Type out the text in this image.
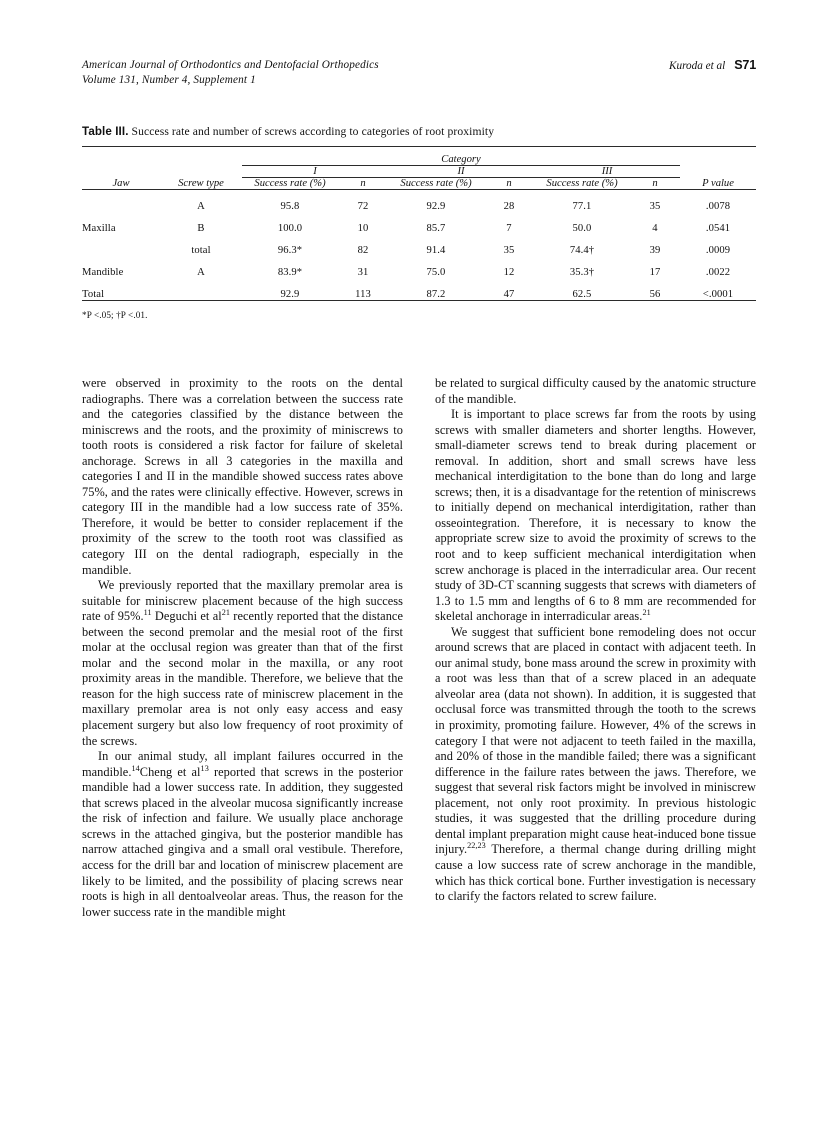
American Journal of Orthodontics and Dentofacial Orthopedics
Volume 131, Number 4, Supplement 1
Kuroda et al S71
Table III. Success rate and number of screws according to categories of root proximity

		Category						
		I		II		III		
Jaw	Screw type	Success rate (%)	n	Success rate (%)	n	Success rate (%)	n	P value
	A	95.8	72	92.9	28	77.1	35	.0078
Maxilla	B	100.0	10	85.7	7	50.0	4	.0541
	total	96.3*	82	91.4	35	74.4†	39	.0009
Mandible	A	83.9*	31	75.0	12	35.3†	17	.0022
Total		92.9	113	87.2	47	62.5	56	<.0001

*P <.05; †P <.01.

were observed in proximity to the roots on the dental radiographs. There was a correlation between the success rate and the categories classified by the distance between the miniscrews and the roots, and the proximity of miniscrews to tooth roots is considered a risk factor for failure of skeletal anchorage. Screws in all 3 categories in the maxilla and categories I and II in the mandible showed success rates above 75%, and the rates were clinically effective. However, screws in category III in the mandible had a low success rate of 35%. Therefore, it would be better to consider replacement if the proximity of the screw to the tooth root was classified as category III on the dental radiograph, especially in the mandible.

We previously reported that the maxillary premolar area is suitable for miniscrew placement because of the high success rate of 95%.$^{11}$ Deguchi et $al^{21}$ recently reported that the distance between the second premolar and the mesial root of the first molar at the occlusal region was greater than that of the first molar and the second molar in the maxilla, or any root proximity areas in the mandible. Therefore, we believe that the reason for the high success rate of miniscrew placement in the maxillary premolar area is not only easy access and easy placement surgery but also low frequency of root proximity of the screws.

In our animal study, all implant failures occurred in the mandible.$^{14}$Cheng et $al^{13}$ reported that screws in the posterior mandible had a lower success rate. In addition, they suggested that screws placed in the alveolar mucosa significantly increase the risk of infection and failure. We usually place anchorage screws in the attached gingiva, but the posterior mandible has narrow attached gingiva and a small oral vestibule. Therefore, access for the drill bar and location of miniscrew placement are likely to be limited, and the possibility of placing screws near roots is high in all dentoalveolar areas. Thus, the reason for the lower success rate in the mandible might

be related to surgical difficulty caused by the anatomic structure of the mandible.

It is important to place screws far from the roots by using screws with smaller diameters and shorter lengths. However, small-diameter screws tend to break during placement or removal. In addition, short and small screws have less mechanical interdigitation to the bone than do long and large screws; then, it is a disadvantage for the retention of miniscrews to initially depend on mechanical interdigitation, rather than osseointegration. Therefore, it is necessary to know the appropriate screw size to avoid the proximity of screws to the root and to keep sufficient mechanical interdigitation when screw anchorage is placed in the interradicular area. Our recent study of 3D-CT scanning suggests that screws with diameters of 1.3 to 1.5 mm and lengths of 6 to 8 mm are recommended for skeletal anchorage in interradicular areas.$^{21}$

We suggest that sufficient bone remodeling does not occur around screws that are placed in contact with adjacent teeth. In our animal study, bone mass around the screw in proximity with a root was less than that of a screw placed in an adequate alveolar area (data not shown). In addition, it is suggested that occlusal force was transmitted through the tooth to the screws in proximity, promoting failure. However, 4% of the screws in category I that were not adjacent to teeth failed in the maxilla, and 20% of those in the mandible failed; there was a significant difference in the failure rates between the jaws. Therefore, we suggest that several risk factors might be involved in miniscrew placement, not only root proximity. In previous histologic studies, it was suggested that the drilling procedure during dental implant preparation might cause heat-induced bone tissue injury.$^{22,23}$ Therefore, a thermal change during drilling might cause a low success rate of screw anchorage in the mandible, which has thick cortical bone. Further investigation is necessary to clarify the factors related to screw failure.
